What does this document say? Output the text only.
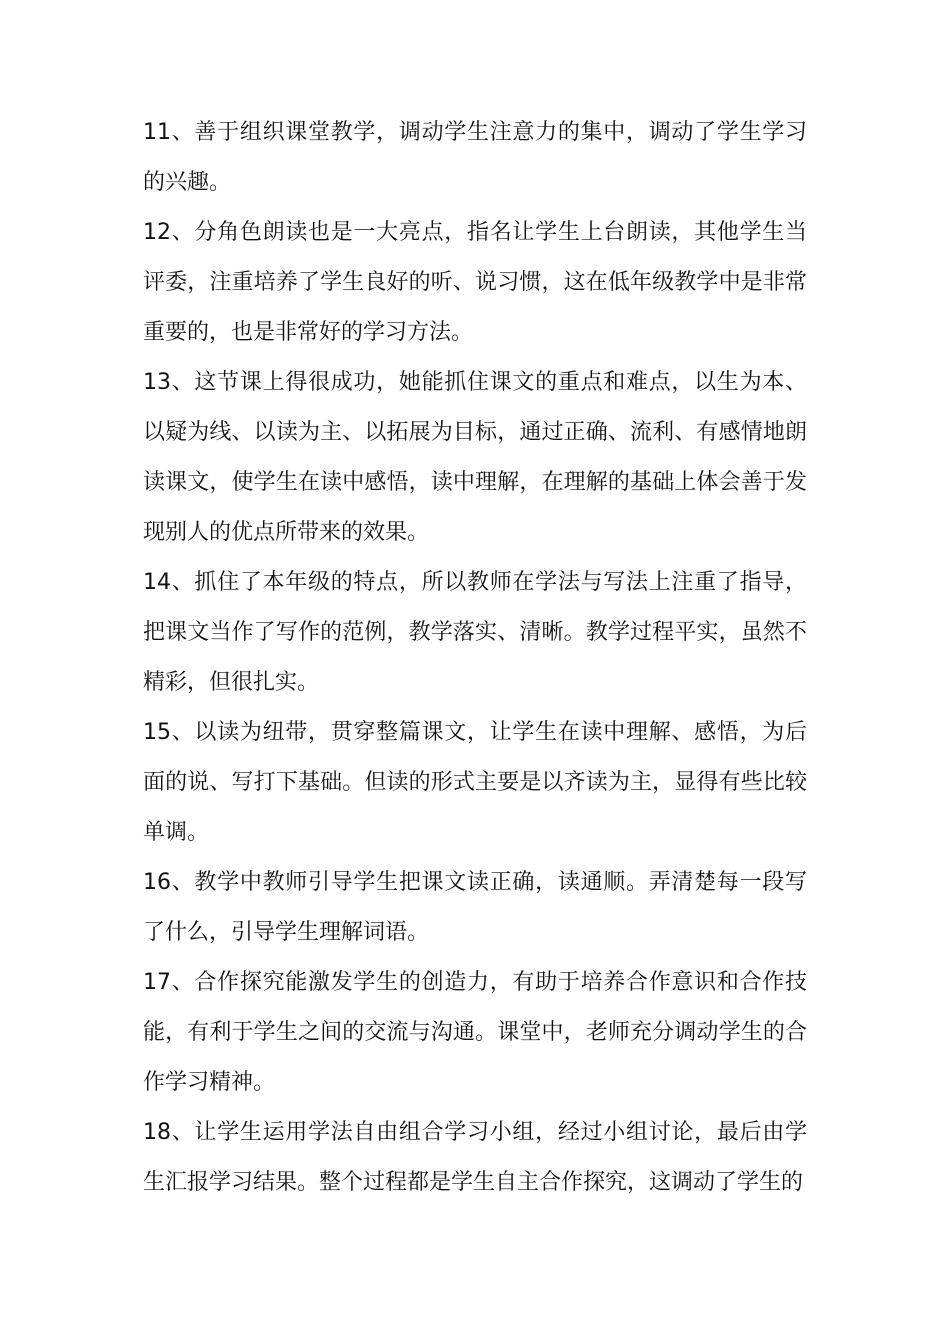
11、善于组织课堂教学，调动学生注意力的集中，调动了学生学习的兴趣。

12、分角色朗读也是一大亮点，指名让学生上台朗读，其他学生当评委，注重培养了学生良好的听、说习惯，这在低年级教学中是非常重要的，也是非常好的学习方法。

13、这节课上得很成功，她能抓住课文的重点和难点，以生为本、以疑为线、以读为主、以拓展为目标，通过正确、流利、有感情地朗读课文，使学生在读中感悟，读中理解，在理解的基础上体会善于发现别人的优点所带来的效果。

14、抓住了本年级的特点，所以教师在学法与写法上注重了指导，把课文当作了写作的范例，教学落实、清晰。教学过程平实，虽然不精彩，但很扎实。

15、以读为纽带，贯穿整篇课文，让学生在读中理解、感悟，为后面的说、写打下基础。但读的形式主要是以齐读为主，显得有些比较单调。

16、教学中教师引导学生把课文读正确，读通顺。弄清楚每一段写了什么，引导学生理解词语。

17、合作探究能激发学生的创造力，有助于培养合作意识和合作技能，有利于学生之间的交流与沟通。课堂中，老师充分调动学生的合作学习精神。

18、让学生运用学法自由组合学习小组，经过小组讨论，最后由学生汇报学习结果。整个过程都是学生自主合作探究，这调动了学生的
